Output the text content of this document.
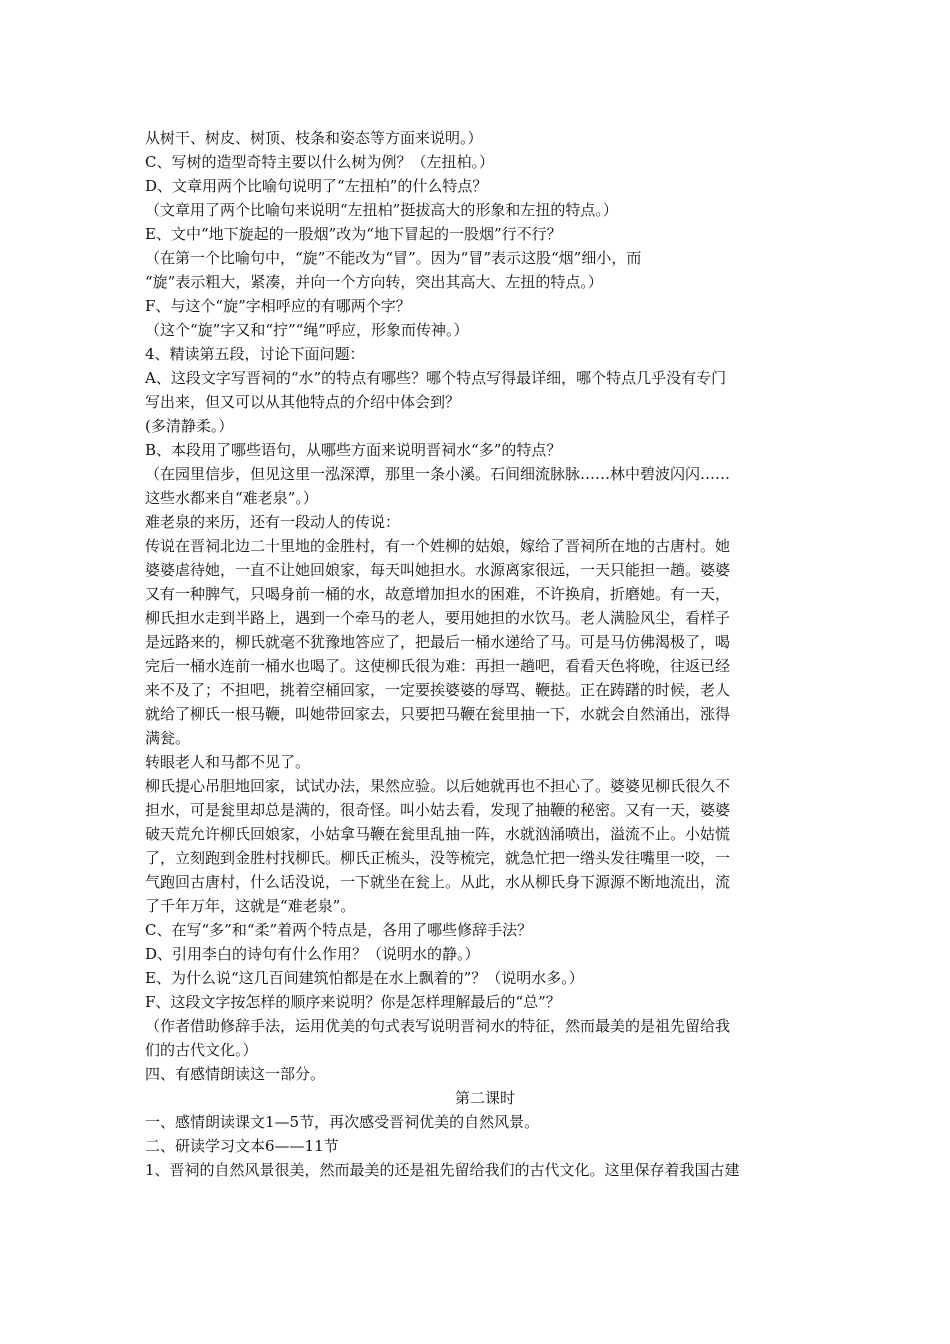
从树干、树皮、树顶、枝条和姿态等方面来说明。）
C、写树的造型奇特主要以什么树为例？（左扭柏。）
D、文章用两个比喻句说明了“左扭柏”的什么特点？
（文章用了两个比喻句来说明“左扭柏”挺拔高大的形象和左扭的特点。）
E、文中“地下旋起的一股烟”改为“地下冒起的一股烟”行不行？
（在第一个比喻句中，“旋”不能改为“冒”。因为“冒”表示这股“烟”细小，而
“旋”表示粗大，紧凑，并向一个方向转，突出其高大、左扭的特点。）
F、与这个“旋”字相呼应的有哪两个字？
（这个“旋”字又和“拧”“绳”呼应，形象而传神。）
4、精读第五段，讨论下面问题：
A、这段文字写晋祠的“水”的特点有哪些？哪个特点写得最详细，哪个特点几乎没有专门
写出来，但又可以从其他特点的介绍中体会到？
(多清静柔。）
B、本段用了哪些语句，从哪些方面来说明晋祠水“多”的特点？
（在园里信步，但见这里一泓深潭，那里一条小溪。石间细流脉脉……林中碧波闪闪……
这些水都来自“难老泉”。）
难老泉的来历，还有一段动人的传说：
传说在晋祠北边二十里地的金胜村，有一个姓柳的姑娘，嫁给了晋祠所在地的古唐村。她
婆婆虐待她，一直不让她回娘家，每天叫她担水。水源离家很远，一天只能担一趟。婆婆
又有一种脾气，只喝身前一桶的水，故意增加担水的困难，不许换肩，折磨她。有一天，
柳氏担水走到半路上，遇到一个牵马的老人，要用她担的水饮马。老人满脸风尘，看样子
是远路来的，柳氏就毫不犹豫地答应了，把最后一桶水递给了马。可是马仿佛渴极了，喝
完后一桶水连前一桶水也喝了。这使柳氏很为难：再担一趟吧，看看天色将晚，往返已经
来不及了；不担吧，挑着空桶回家，一定要挨婆婆的辱骂、鞭挞。正在踌躇的时候，老人
就给了柳氏一根马鞭，叫她带回家去，只要把马鞭在瓮里抽一下，水就会自然涌出，涨得
满瓮。
转眼老人和马都不见了。
柳氏提心吊胆地回家，试试办法，果然应验。以后她就再也不担心了。婆婆见柳氏很久不
担水，可是瓮里却总是满的，很奇怪。叫小姑去看，发现了抽鞭的秘密。又有一天，婆婆
破天荒允许柳氏回娘家，小姑拿马鞭在瓮里乱抽一阵，水就汹涌喷出，溢流不止。小姑慌
了，立刻跑到金胜村找柳氏。柳氏正梳头，没等梳完，就急忙把一绺头发往嘴里一咬，一
气跑回古唐村，什么话没说，一下就坐在瓮上。从此，水从柳氏身下源源不断地流出，流
了千年万年，这就是“难老泉”。
C、在写“多”和“柔”着两个特点是，各用了哪些修辞手法？
D、引用李白的诗句有什么作用？（说明水的静。）
E、为什么说“这几百间建筑怕都是在水上飘着的”？（说明水多。）
F、这段文字按怎样的顺序来说明？你是怎样理解最后的“总”？
（作者借助修辞手法，运用优美的句式表写说明晋祠水的特征，然而最美的是祖先留给我
们的古代文化。）
四、有感情朗读这一部分。
第二课时
一、感情朗读课文1—5节，再次感受晋祠优美的自然风景。
二、研读学习文本6——11节
1、晋祠的自然风景很美，然而最美的还是祖先留给我们的古代文化。这里保存着我国古建
